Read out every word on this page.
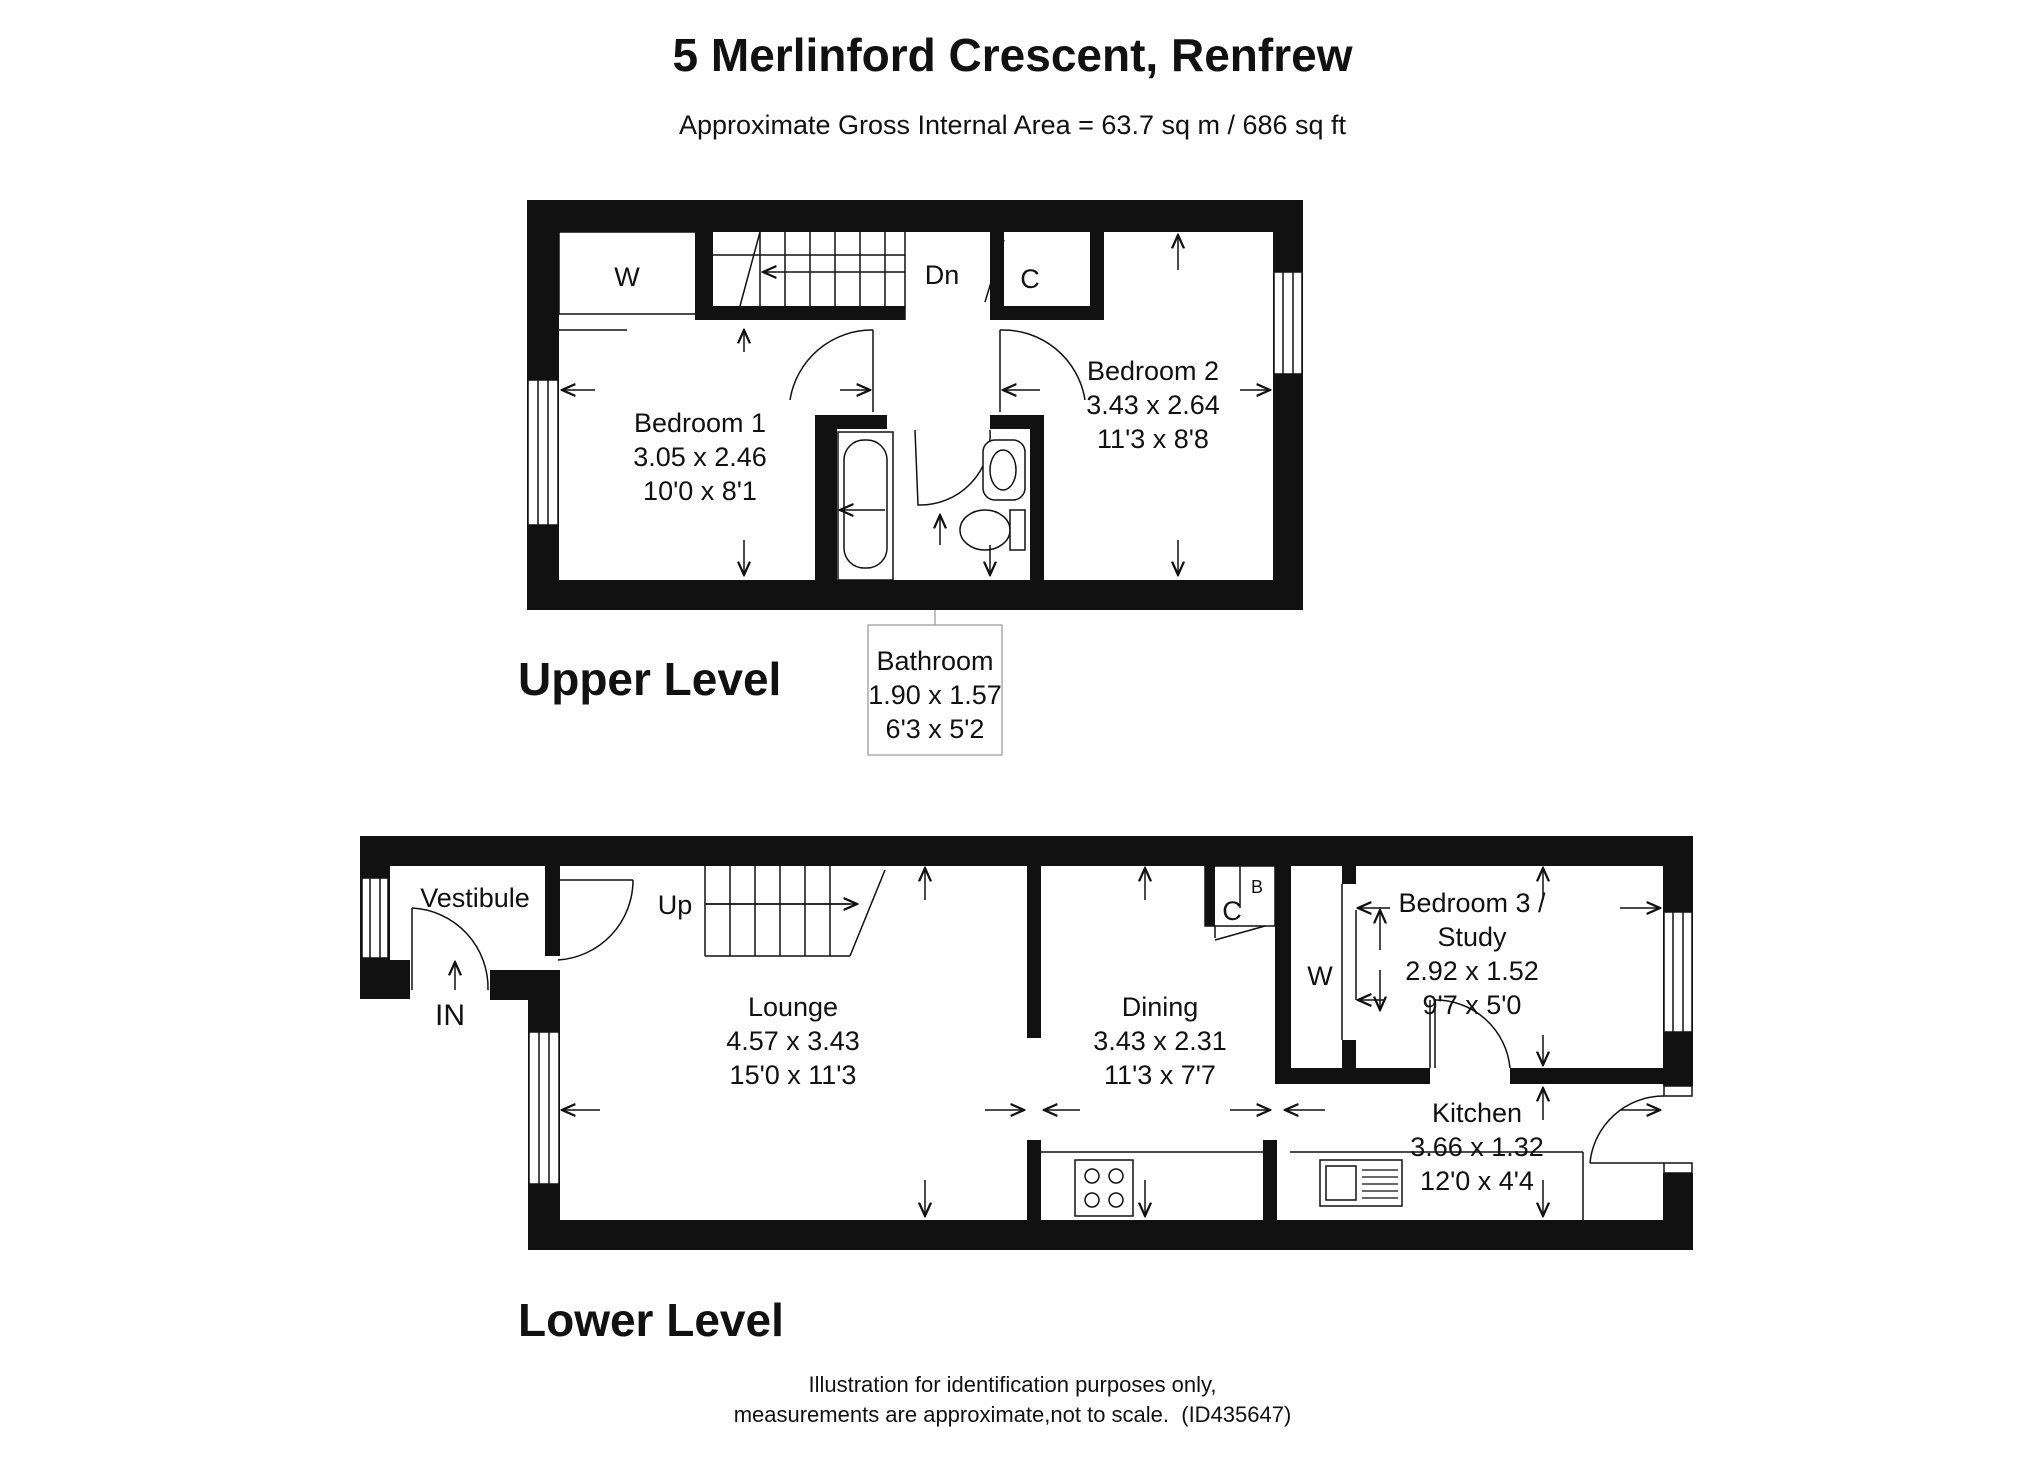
5 Merlinford Crescent, Renfrew
Approximate Gross Internal Area = 63.7 sq m / 686 sq ft
W	Dn C
Bedroom 1
3.05 x 2.46
10'0 x 8'1
Bedroom 2
3.43 x 2.64
11'3 x 8'8
Bathroom
1.90 x 1.57
6'3 x 5'2
Upper Level
Vestibule
IN
Up	C
B
W
Lounge
4.57 x 3.43
15'0 x 11'3
Dining
3.43 x 2.31
11'3 x 7'7
Bedroom 3 /
Study
2.92 x 1.52
9'7 x 5'0
Kitchen
3.66 x 1.32
12'0 x 4'4
Lower Level
Illustration for identification purposes only,
measurements are approximate,not to scale.  (ID435647)
